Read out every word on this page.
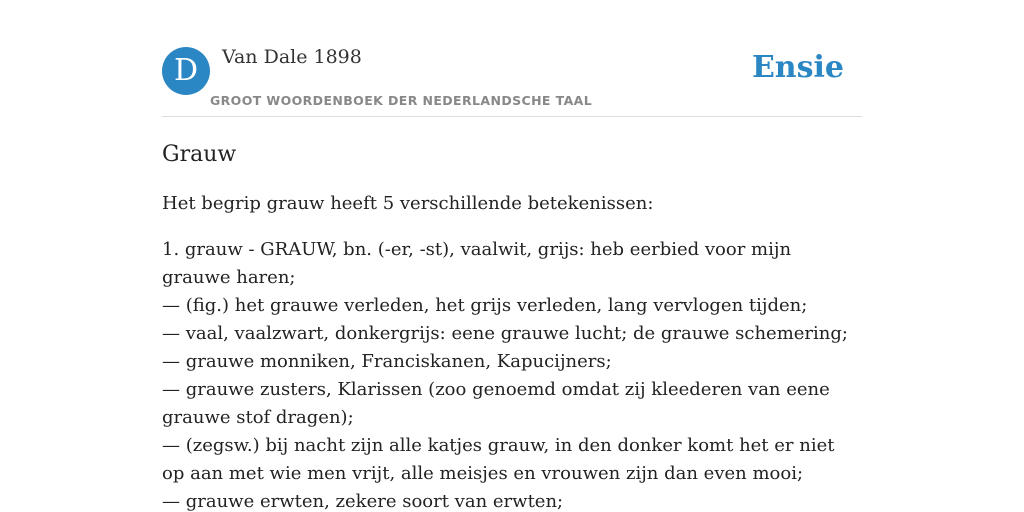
D	Van Dale 1898
GROOT WOORDENBOEK DER NEDERLANDSCHE TAAL
Ensie
Grauw

Het begrip grauw heeft 5 verschillende betekenissen:

1. grauw - GRAUW, bn. (-er, -st), vaalwit, grijs: heb eerbied voor mijn grauwe haren;
— (fig.) het grauwe verleden, het grijs verleden, lang vervlogen tijden;
— vaal, vaalzwart, donkergrijs: eene grauwe lucht; de grauwe schemering;
— grauwe monniken, Franciskanen, Kapucijners;
— grauwe zusters, Klarissen (zoo genoemd omdat zij kleederen van eene grauwe stof dragen);
— (zegsw.) bij nacht zijn alle katjes grauw, in den donker komt het er niet op aan met wie men vrijt, alle meisjes en vrouwen zijn dan even mooi;
— grauwe erwten, zekere soort van erwten;
